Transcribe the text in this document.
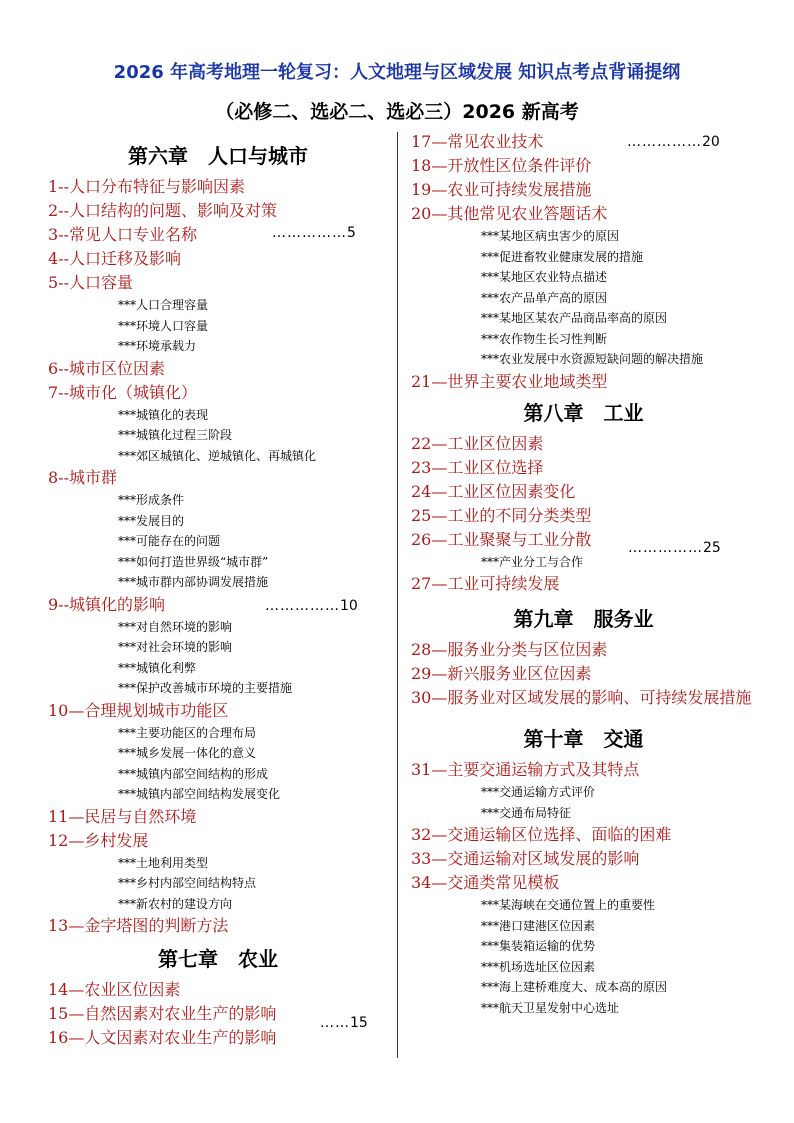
2026 年高考地理一轮复习：人文地理与区域发展 知识点考点背诵提纲
（必修二、选必二、选必三）2026 新高考
第六章 人口与城市
1--人口分布特征与影响因素
2--人口结构的问题、影响及对策
3--常见人口专业名称
4--人口迁移及影响
5--人口容量
***人口合理容量
***环境人口容量
***环境承载力
6--城市区位因素
7--城市化（城镇化）
***城镇化的表现
***城镇化过程三阶段
***郊区城镇化、逆城镇化、再城镇化
8--城市群
***形成条件
***发展目的
***可能存在的问题
***如何打造世界级“城市群”
***城市群内部协调发展措施
9--城镇化的影响
***对自然环境的影响
***对社会环境的影响
***城镇化利弊
***保护改善城市环境的主要措施
10—合理规划城市功能区
***主要功能区的合理布局
***城乡发展一体化的意义
***城镇内部空间结构的形成
***城镇内部空间结构发展变化
11—民居与自然环境
12—乡村发展
***土地利用类型
***乡村内部空间结构特点
***新农村的建设方向
13—金字塔图的判断方法
第七章 农业
14—农业区位因素
15—自然因素对农业生产的影响
16—人文因素对农业生产的影响
……………5
……………10
……15
17—常见农业技术
18—开放性区位条件评价
19—农业可持续发展措施
20—其他常见农业答题话术
***某地区病虫害少的原因
***促进畜牧业健康发展的措施
***某地区农业特点描述
***农产品单产高的原因
***某地区某农产品商品率高的原因
***农作物生长习性判断
***农业发展中水资源短缺问题的解决措施
21—世界主要农业地域类型
第八章 工业
22—工业区位因素
23—工业区位选择
24—工业区位因素变化
25—工业的不同分类类型
26—工业聚聚与工业分散
***产业分工与合作
27—工业可持续发展
第九章 服务业
28—服务业分类与区位因素
29—新兴服务业区位因素
30—服务业对区域发展的影响、可持续发展措施
第十章 交通
31—主要交通运输方式及其特点
***交通运输方式评价
***交通布局特征
32—交通运输区位选择、面临的困难
33—交通运输对区域发展的影响
34—交通类常见模板
***某海峡在交通位置上的重要性
***港口建港区位因素
***集装箱运输的优势
***机场选址区位因素
***海上建桥难度大、成本高的原因
***航天卫星发射中心选址
……………20
……………25
